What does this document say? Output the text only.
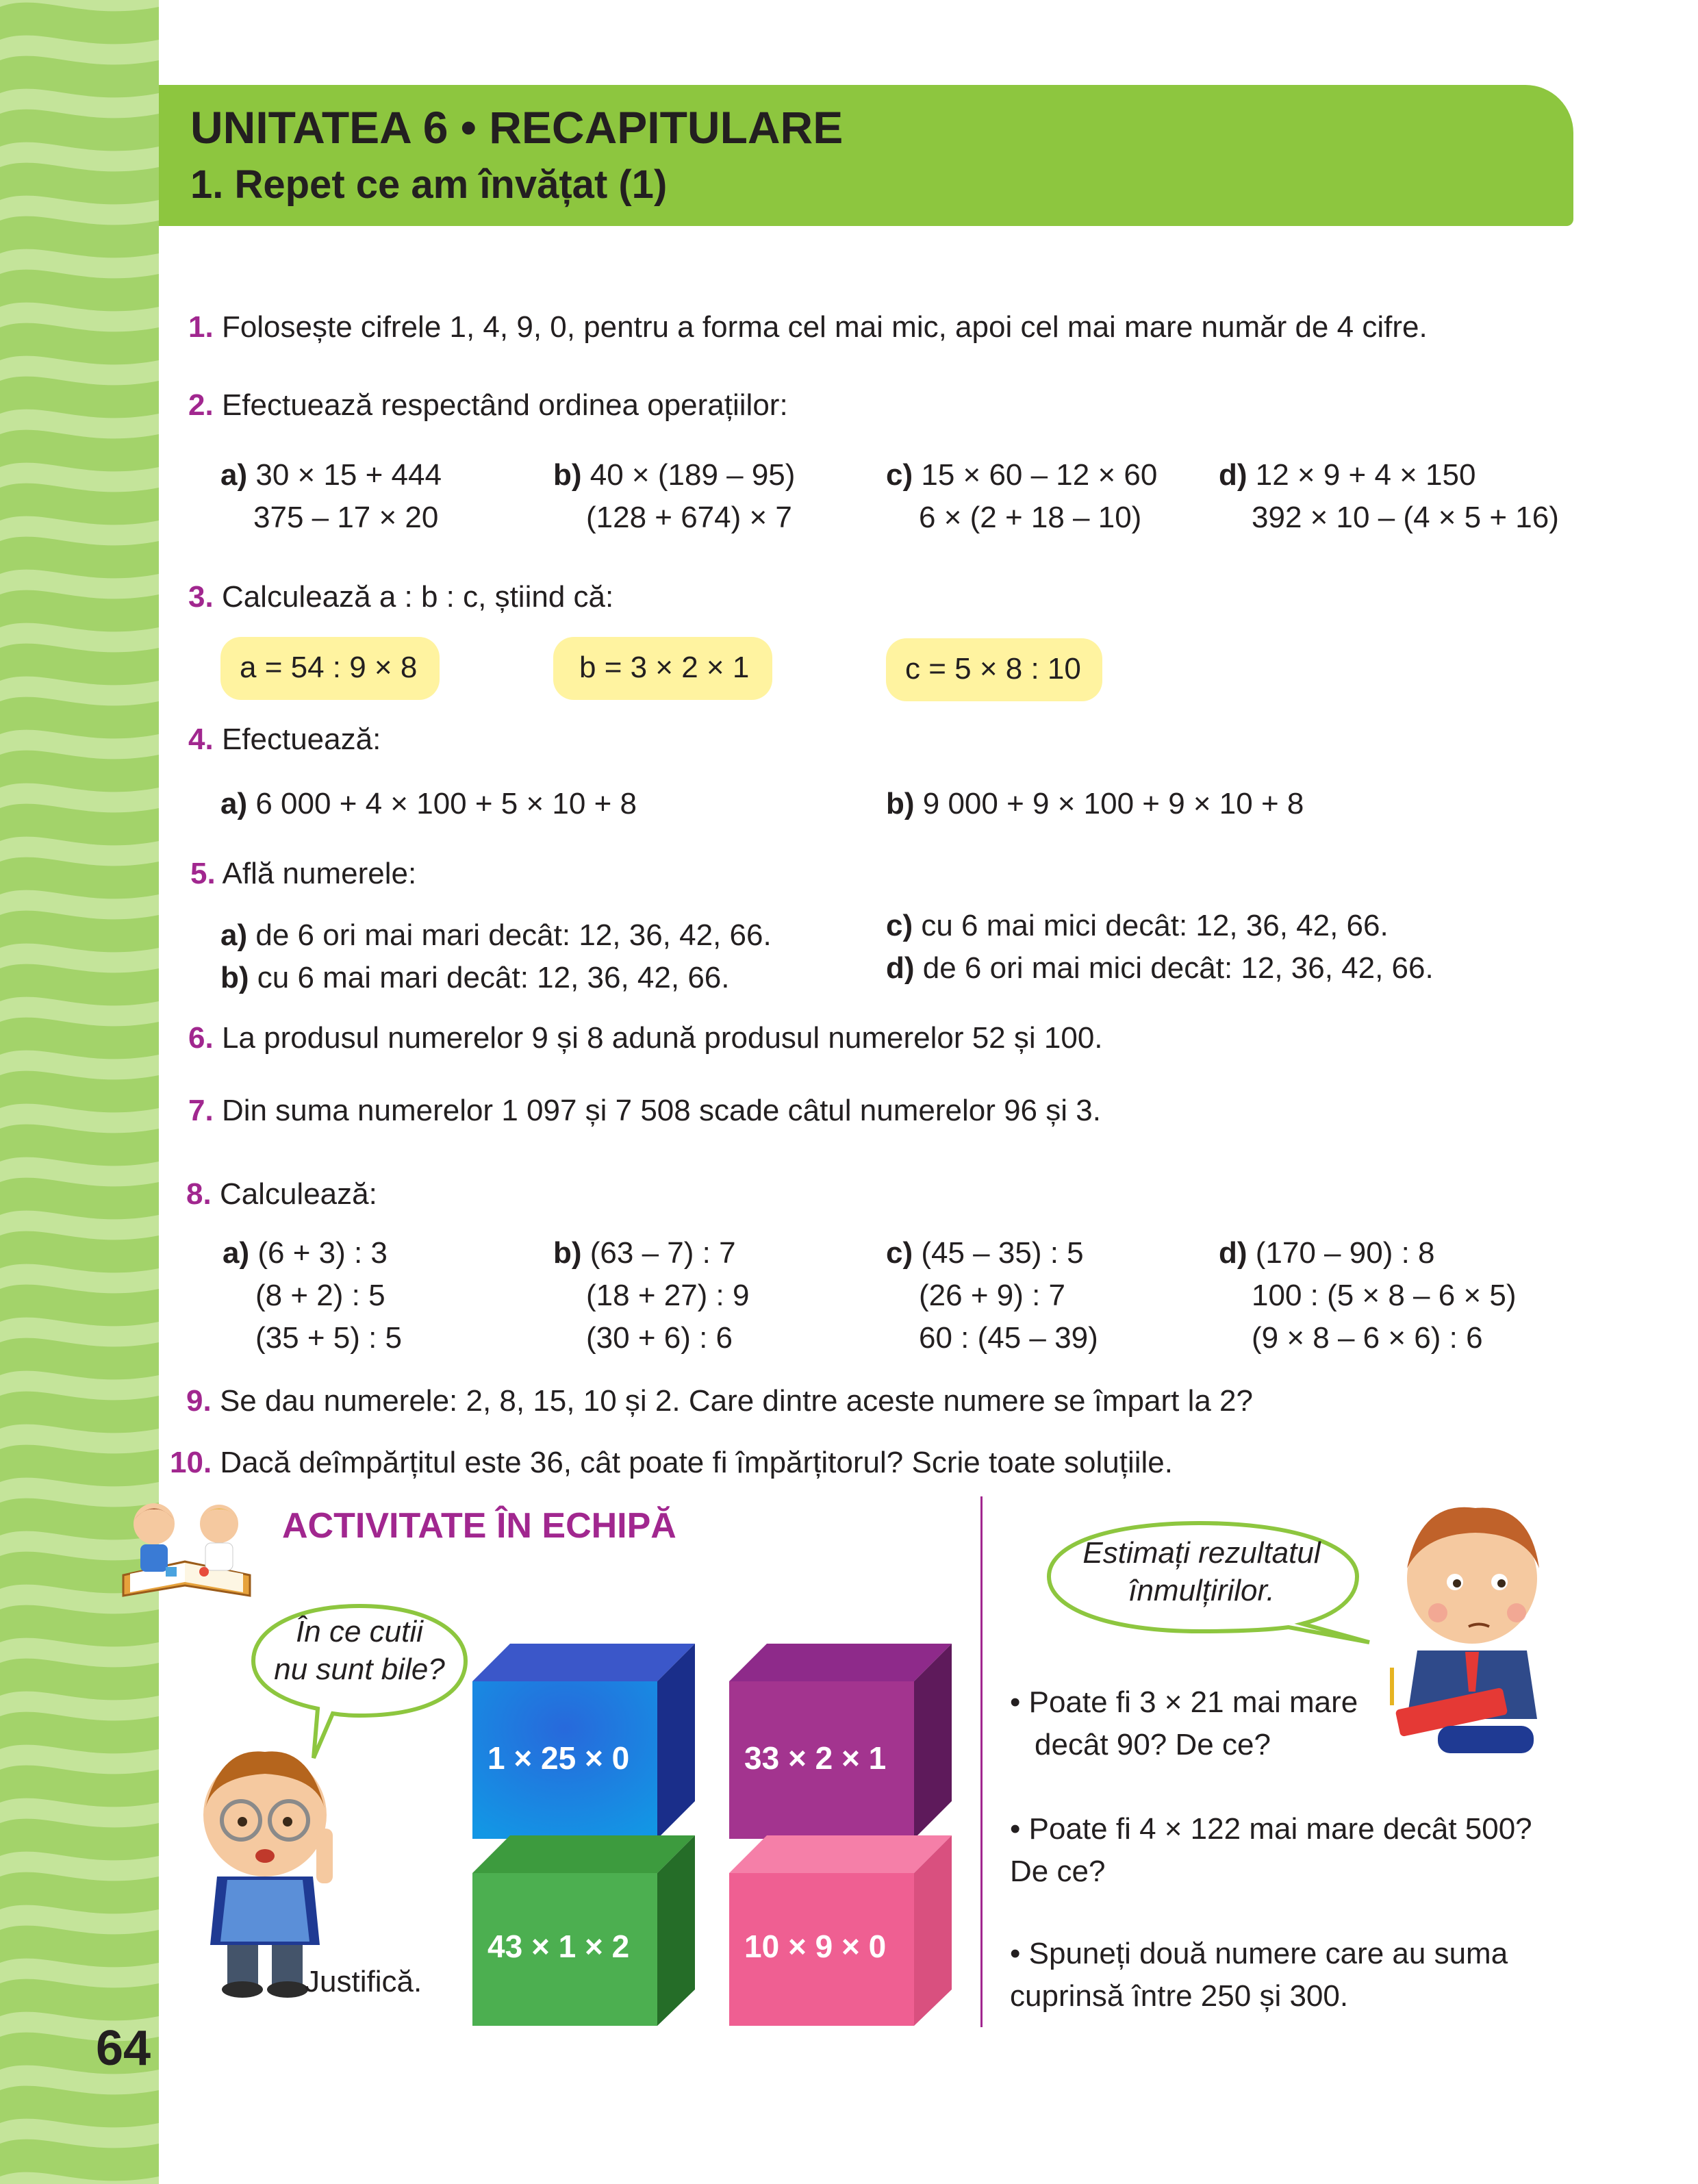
UNITATEA 6 • RECAPITULARE
1. Repet ce am învățat (1)
1. Folosește cifrele 1, 4, 9, 0, pentru a forma cel mai mic, apoi cel mai mare număr de 4 cifre.
2. Efectuează respectând ordinea operațiilor:
a) 30 × 15 + 444
375 – 17 × 20
b) 40 × (189 – 95)
(128 + 674) × 7
c) 15 × 60 – 12 × 60
6 × (2 + 18 – 10)
d) 12 × 9 + 4 × 150
392 × 10 – (4 × 5 + 16)
3. Calculează a : b : c, știind că:
a = 54 : 9 × 8	b = 3 × 2 × 1	c = 5 × 8 : 10
4. Efectuează:
a) 6 000 + 4 × 100 + 5 × 10 + 8	b) 9 000 + 9 × 100 + 9 × 10 + 8
5. Află numerele:
a) de 6 ori mai mari decât: 12, 36, 42, 66.
b) cu 6 mai mari decât: 12, 36, 42, 66.
c) cu 6 mai mici decât: 12, 36, 42, 66.
d) de 6 ori mai mici decât: 12, 36, 42, 66.
6. La produsul numerelor 9 și 8 adună produsul numerelor 52 și 100.
7. Din suma numerelor 1 097 și 7 508 scade câtul numerelor 96 și 3.
8. Calculează:
a) (6 + 3) : 3
(8 + 2) : 5
(35 + 5) : 5
b) (63 – 7) : 7
(18 + 27) : 9
(30 + 6) : 6
c) (45 – 35) : 5
(26 + 9) : 7
60 : (45 – 39)
d) (170 – 90) : 8
100 : (5 × 8 – 6 × 5)
(9 × 8 – 6 × 6) : 6
9. Se dau numerele: 2, 8, 15, 10 și 2. Care dintre aceste numere se împart la 2?
10. Dacă deîmpărțitul este 36, cât poate fi împărțitorul? Scrie toate soluțiile.
ACTIVITATE ÎN ECHIPĂ
În ce cutii
nu sunt bile?
Justifică.
1 × 25 × 0	33 × 2 × 1
43 × 1 × 2	10 × 9 × 0
Estimați rezultatul
înmulțirilor.
• Poate fi 3 × 21 mai mare
decât 90? De ce?
• Poate fi 4 × 122 mai mare decât 500?
De ce?
• Spuneți două numere care au suma
cuprinsă între 250 și 300.
64
